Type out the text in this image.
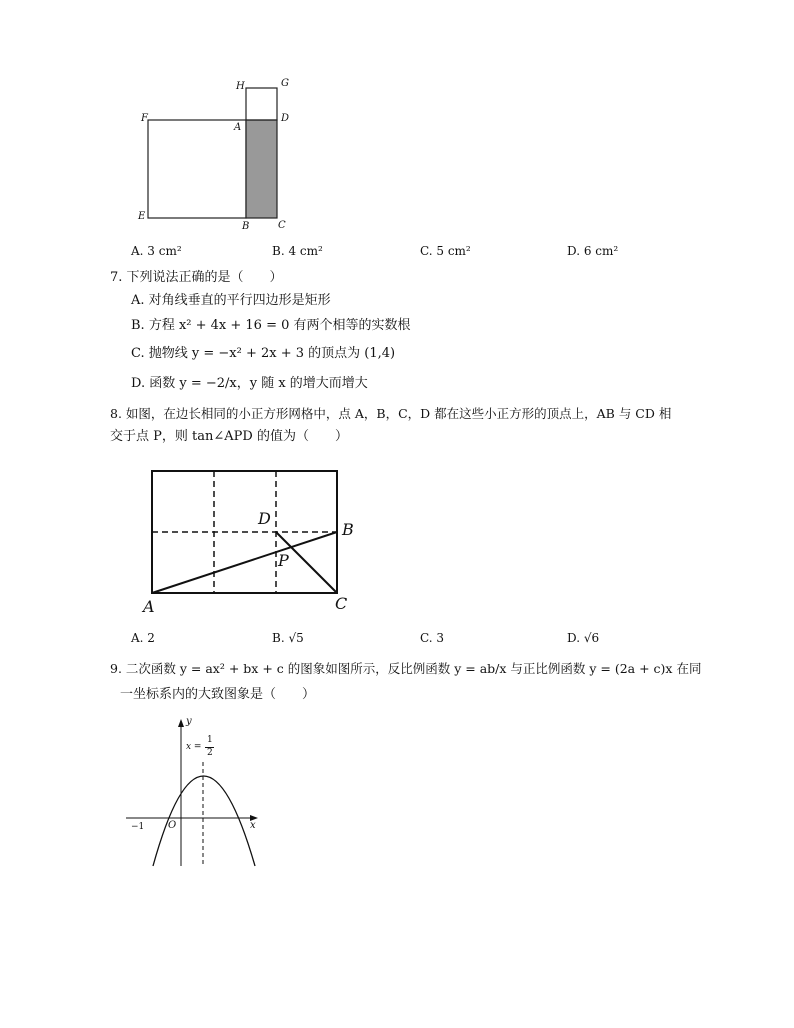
H	G
F
A
D
E
B	C
A. 3 cm²	B. 4 cm²	C. 5 cm²	D. 6 cm²
7. 下列说法正确的是（　　）
A. 对角线垂直的平行四边形是矩形
B. 方程 x² + 4x + 16 = 0 有两个相等的实数根
C. 抛物线 y = −x² + 2x + 3 的顶点为 (1,4)
D. 函数 y = −2/x，y 随 x 的增大而增大
8. 如图，在边长相同的小正方形网格中，点 A，B，C，D 都在这些小正方形的顶点上，AB 与 CD 相
交于点 P，则 tan∠APD 的值为（　　）
A
B
C
D
P
A. 2	B. √5	C. 3	D. √6
9. 二次函数 y = ax² + bx + c 的图象如图所示，反比例函数 y = ab/x 与正比例函数 y = (2a + c)x 在同
一坐标系内的大致图象是（　　）
y
x
O
−1
x =
1
2
